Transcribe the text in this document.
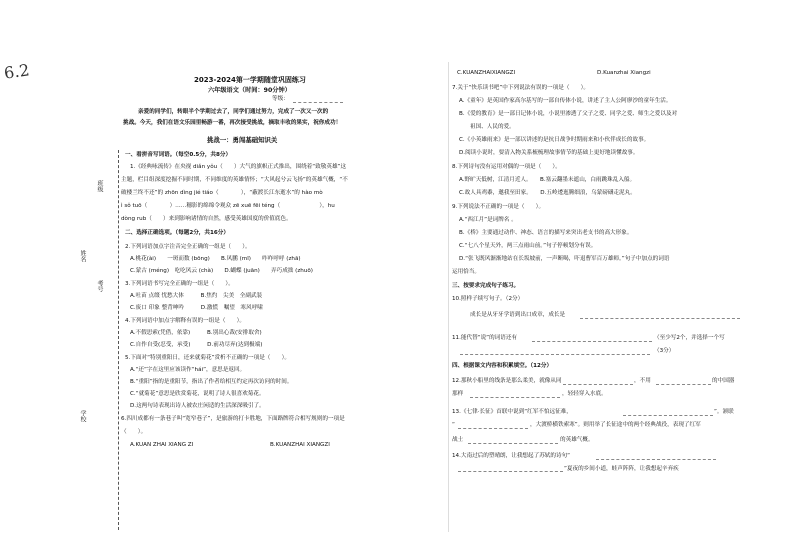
6.2
班级
姓名
考号
学校
2023-2024第一学期随堂巩固练习
六年级语文（时间：90分钟）
等级：
亲爱的同学们，转眼半个学期过去了，同学们通过努力，完成了一次又一次的
挑战。今天，我们在语文乐园里畅游一番，再次接受挑战，摘取丰收的果实，祝你成功！
挑战一：勇闯基础知识关
一、看拼音写词语。（每空0.5分，共8分）
1.《经典咏流传》在央视 diǎn yǒu（　　）大气的旗帜正式推出，围绕着“致敬英雄”这
主题，栏目组深度挖掘不同时期，不同维度的英雄情怀；“大风起兮云飞扬”的英雄气概，“不
破楼兰终不还”的 zhōn dìng jié tiáo（　　　　），“蔽渡长江东逝水”的 hào mò
ì sǒ tuō（　　　　）……穗影的绵绵令观众 zē xuē fēi téng（　　　　　　　），hu
dòng rub（　　）来到影响诸情的自然，感受英雄国度的价值底色。
二、选择正确选项。（每题2分，共16分）
2.下列词语加点字注音完全正确的一组是（　　）。
A.桃花(ài)　　一斑而数 (bōng)　　B.风鹏 (mī)　　咋咋呼呼 (zhā)
C.蒙古 (méng)　吃吃风云 (chà)　　D.蝴蝶 (juān)　　弄巧成拙 (zhuō)
3.下列词语书写完全正确的一组是（　　）。
A.吐苗 点缀 忧愁大体　　　B.焦灼　尖美　全副武装
C.废口 印象 整背呻吟　　　D.激慌　嘱望　寒风呼啸
4.下列词语中加点字解释有误的一组是（　　）。
A.不假思索(凭借，依靠)　　　B.别出心裁(安排取舍)
C.自作自受(忍受，承受)　　　D.前功尽弃(达到极端)
5.下面对“特别重阳日，还来就菊花”赏析不正确的一项是（　　）。
A.“还”字在这里应该读作“hái”，意思是返回。
B.“重阳”指的是重阳节，指出了作者给相互约定再次访问的时间。
C.“就菊花”意思是欣赏菊花，说明了诗人很喜欢菊花。
D.这两句诗表现出诗人被农庄闲适的生活深深吸引了。
6.四川成都有一条巷子叫“宽窄巷子”，是旅游的打卡胜地，下面路牌符合相写规则的一项是
（　　）。
A.KUAN ZHAI XIANG ZI	B.KUANZHAI XIANGZI
C.KUANZHAIXIANGZI	D.Kuanzhai Xiangzi
7.关于“快乐读书吧”中下列说法有误的一项是（　　）。
A.《童年》是英国作家高尔基写的一部自传体小说，讲述了主人公阿廖沙的童年生活。
B.《爱的教育》是一部日记体小说，小说里渗透了父子之爱、同学之爱、师生之爱以及对
祖国、人民的爱。
C.《小英雄雨来》是一部以讲述的是抗日战争时期雨来和小伙伴成长的故事。
D.阅读小说时，要清入物关系梳梳理故事情节的基础上更好地读懂故事。
8.下列诗句没有运用对偶的一项是（　　）。
A.野旷天低树，江清月近人。　　B.塞云翻墨未遮山，白雨跳珠乱入船。
C.故人具鸡黍，邀我至田家。　　D.五岭逶迤腾细浪，乌蒙磅礴走泥丸。
9.下列说法不正确的一项是（　　）。
A.“西江月”是词牌名 。
B.《桥》主要通过动作、神态、语言的描写来突出老支书的高大形象。
C.“七八个星天外，两三点雨山前。”句子停顿划分有误。
D.“张飞既风渐渐地站在长坂坡前，一声断喝，吓退曹军百万雄师。”句子中加点的词语
运用恰当。
三、按要求完成句子练习。
10.照样子续写句子。（2分）
成长是从牙牙学语到出口成章，成长是
11.能代替“说”的词语还有	（至少写2个，并选择一个写
（3分）
四、根据课文内容和积累填空。（12分）
12.那秋小船里的线条是那么柔美，就像从同	，不用	的中国器
那样	，轻轻穿入水底。
13.《七律·长征》首联中说到“红军不怕远征难，	”。颔联
“	，大渡桥横铁索寒”。则用举了长征途中的两个经典战役，表现了红军
战士	的英雄气概。
14.大南过后的塑晴朗，让我想起了苏轼的诗句“
”夏夜的乡间小道，蛙声阵阵，让我想起辛弃疾
